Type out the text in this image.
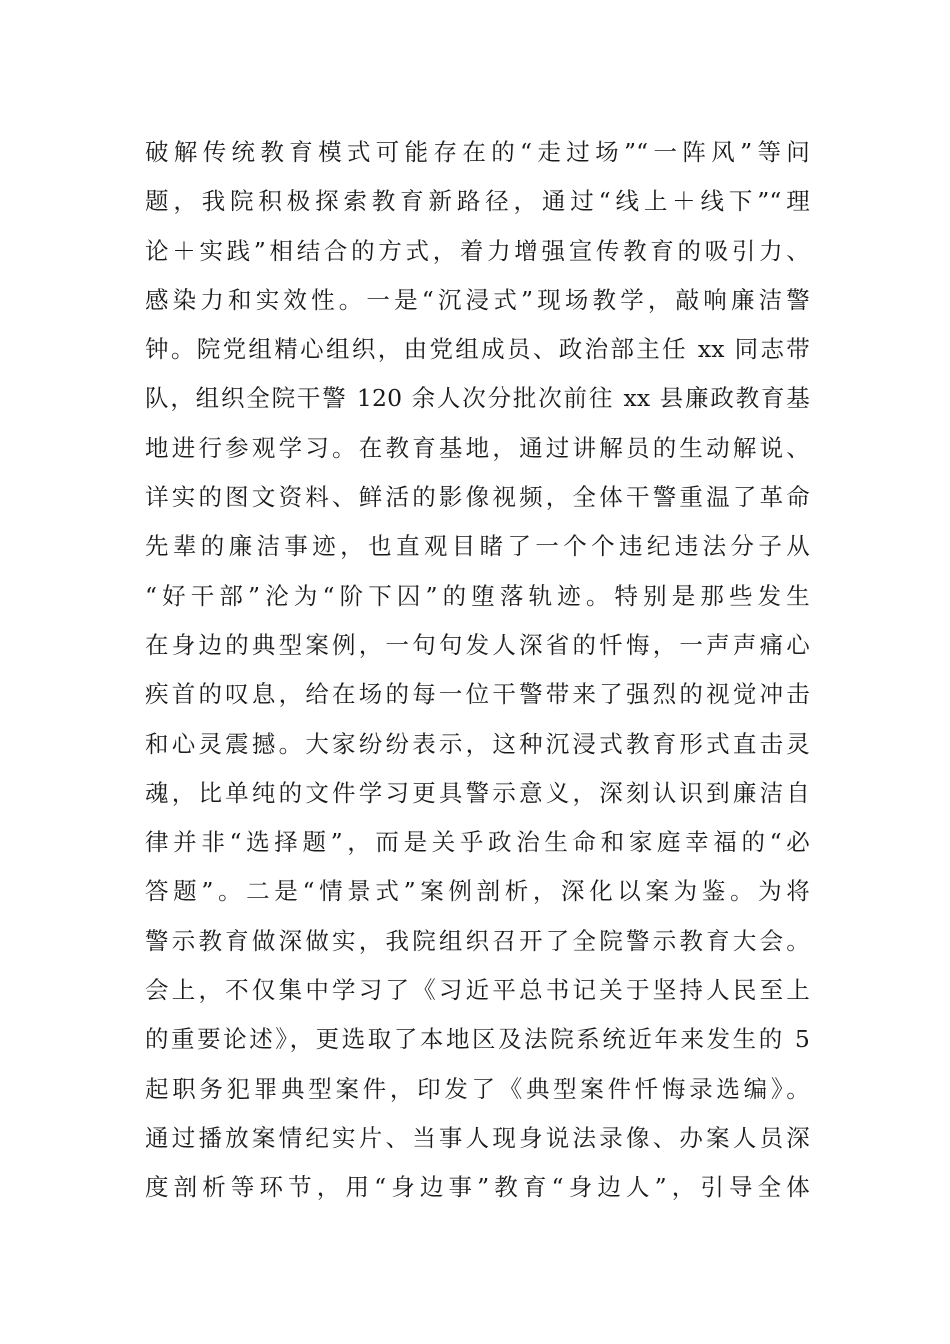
破解传统教育模式可能存在的“走过场”“一阵风”等问
题，我院积极探索教育新路径，通过“线上＋线下”“理
论＋实践”相结合的方式，着力增强宣传教育的吸引力、
感染力和实效性。一是“沉浸式”现场教学，敲响廉洁警
钟。院党组精心组织，由党组成员、政治部主任 xx 同志带
队，组织全院干警 120 余人次分批次前往 xx 县廉政教育基
地进行参观学习。在教育基地，通过讲解员的生动解说、
详实的图文资料、鲜活的影像视频，全体干警重温了革命
先辈的廉洁事迹，也直观目睹了一个个违纪违法分子从
“好干部”沦为“阶下囚”的堕落轨迹。特别是那些发生
在身边的典型案例，一句句发人深省的忏悔，一声声痛心
疾首的叹息，给在场的每一位干警带来了强烈的视觉冲击
和心灵震撼。大家纷纷表示，这种沉浸式教育形式直击灵
魂，比单纯的文件学习更具警示意义，深刻认识到廉洁自
律并非“选择题”，而是关乎政治生命和家庭幸福的“必
答题”。二是“情景式”案例剖析，深化以案为鉴。为将
警示教育做深做实，我院组织召开了全院警示教育大会。
会上，不仅集中学习了《习近平总书记关于坚持人民至上
的重要论述》，更选取了本地区及法院系统近年来发生的 5
起职务犯罪典型案件，印发了《典型案件忏悔录选编》。
通过播放案情纪实片、当事人现身说法录像、办案人员深
度剖析等环节，用“身边事”教育“身边人”，引导全体
